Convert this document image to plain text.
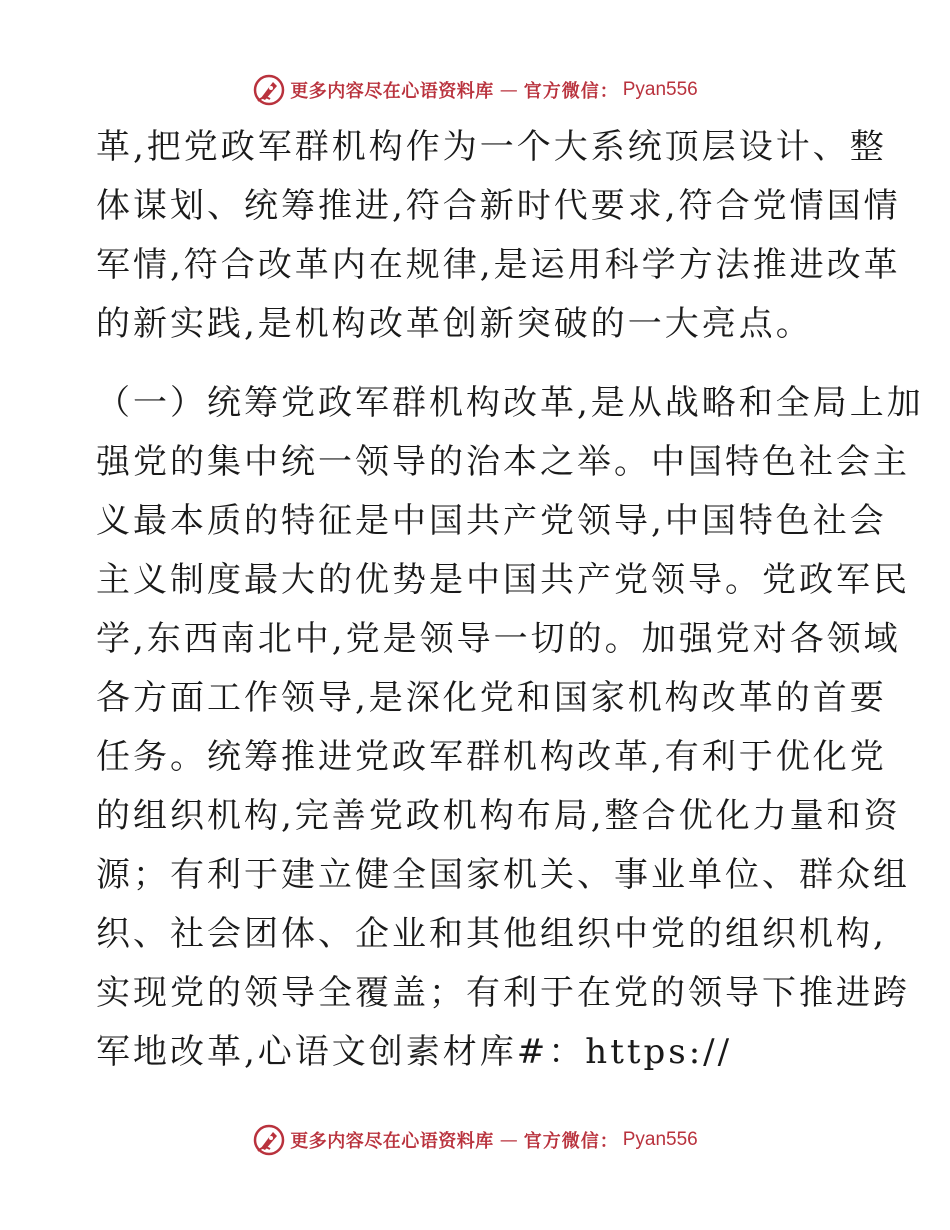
更多内容尽在心语资料库 — 官方微信： Pyan556
革,把党政军群机构作为一个大系统顶层设计、整
体谋划、统筹推进,符合新时代要求,符合党情国情
军情,符合改革内在规律,是运用科学方法推进改革
的新实践,是机构改革创新突破的一大亮点。
（一）统筹党政军群机构改革,是从战略和全局上加
强党的集中统一领导的治本之举。中国特色社会主
义最本质的特征是中国共产党领导,中国特色社会
主义制度最大的优势是中国共产党领导。党政军民
学,东西南北中,党是领导一切的。加强党对各领域
各方面工作领导,是深化党和国家机构改革的首要
任务。统筹推进党政军群机构改革,有利于优化党
的组织机构,完善党政机构布局,整合优化力量和资
源；有利于建立健全国家机关、事业单位、群众组
织、社会团体、企业和其他组织中党的组织机构,
实现党的领导全覆盖；有利于在党的领导下推进跨
军地改革,心语文创素材库#：https://
更多内容尽在心语资料库 — 官方微信： Pyan556
